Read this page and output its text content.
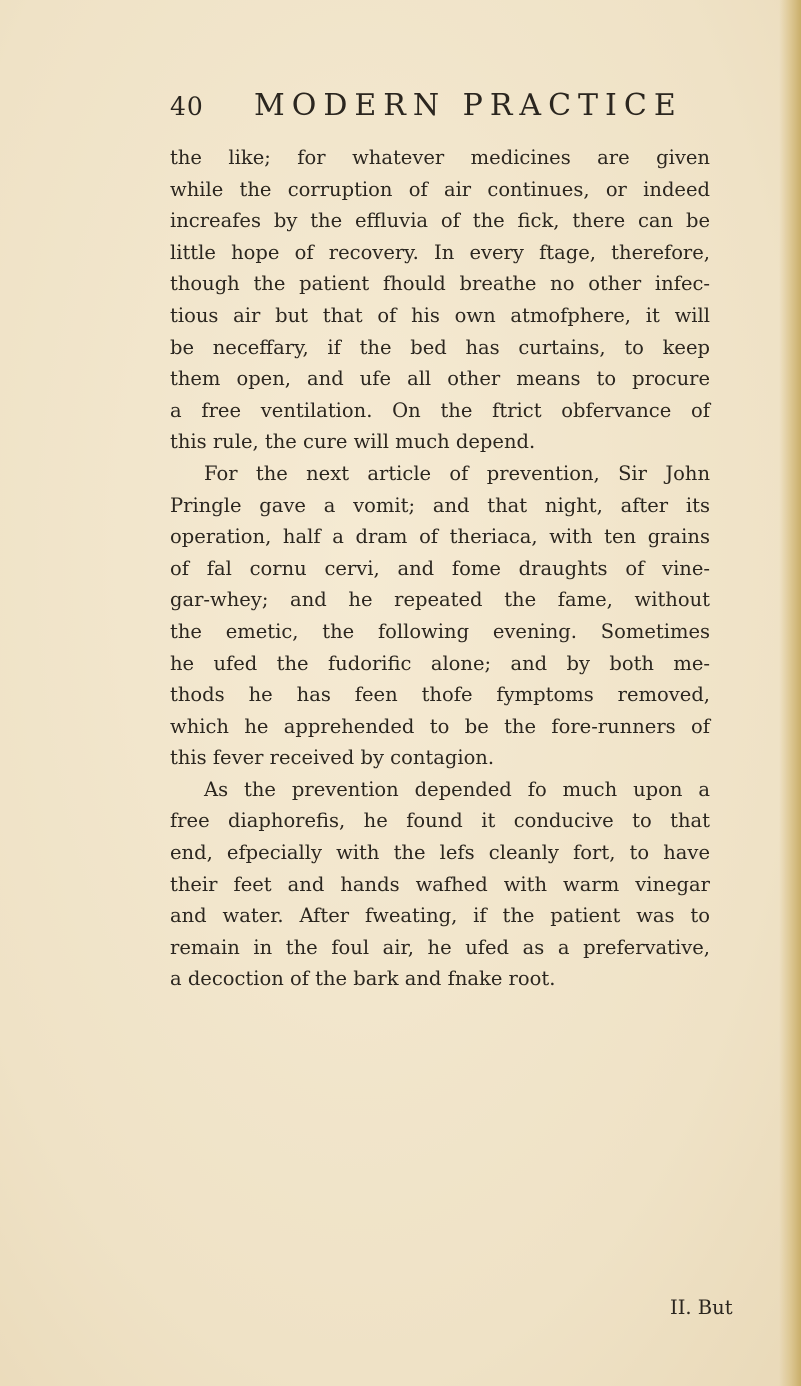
40 MODERN PRACTICE
the like; for whatever medicines are given
while the corruption of air continues, or indeed
increafes by the effluvia of the fick, there can be
little hope of recovery. In every ftage, therefore,
though the patient fhould breathe no other infec-
tious air but that of his own atmofphere, it will
be neceffary, if the bed has curtains, to keep
them open, and ufe all other means to procure
a free ventilation. On the ftrict obfervance of
this rule, the cure will much depend.
For the next article of prevention, Sir John
Pringle gave a vomit; and that night, after its
operation, half a dram of theriaca, with ten grains
of fal cornu cervi, and fome draughts of vine-
gar-whey; and he repeated the fame, without
the emetic, the following evening. Sometimes
he ufed the fudorific alone; and by both me-
thods he has feen thofe fymptoms removed,
which he apprehended to be the fore-runners of
this fever received by contagion.
As the prevention depended fo much upon a
free diaphorefis, he found it conducive to that
end, efpecially with the lefs cleanly fort, to have
their feet and hands wafhed with warm vinegar
and water. After fweating, if the patient was to
remain in the foul air, he ufed as a prefervative,
a decoction of the bark and fnake root.
II. But
